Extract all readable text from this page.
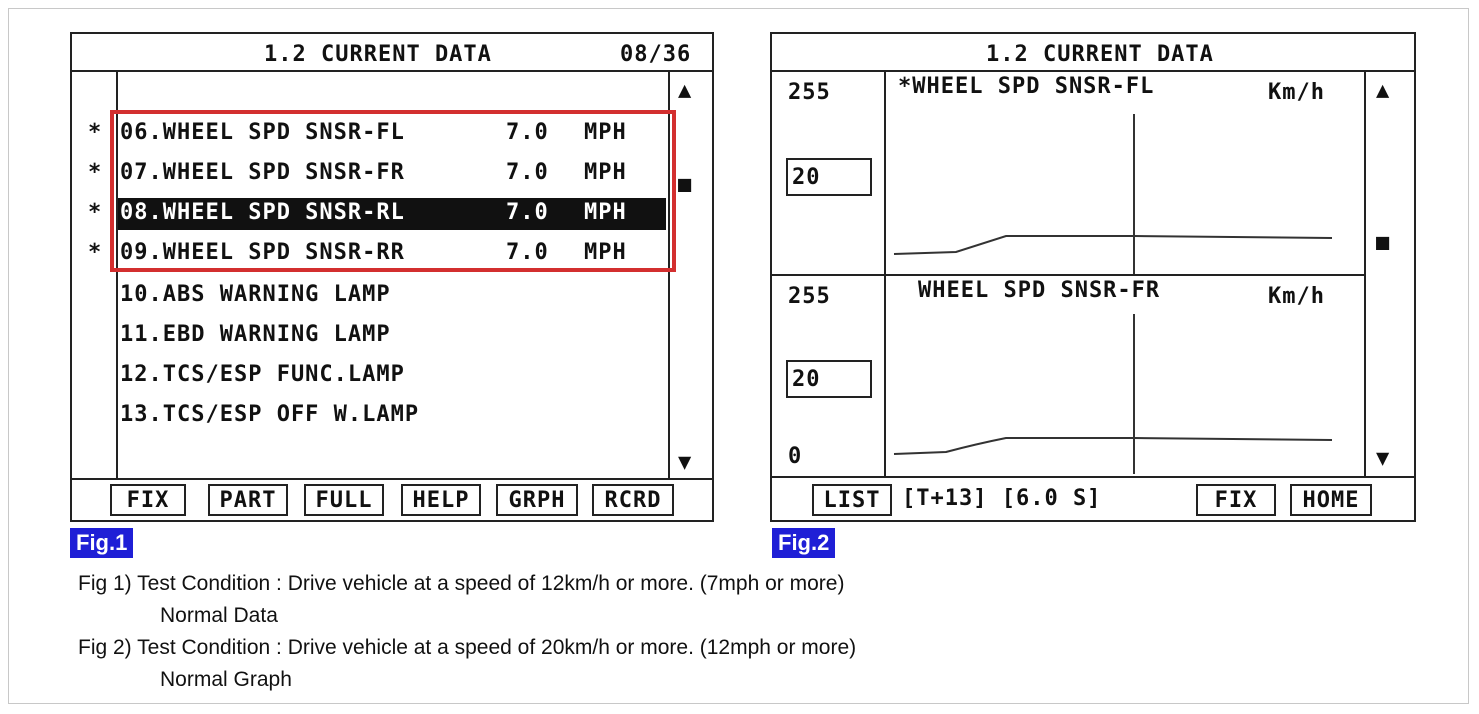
1.2 CURRENT DATA	08/36
▲
■
▼
* 06.WHEEL SPD SNSR-FL	7.0 MPH
* 07.WHEEL SPD SNSR-FR	7.0 MPH
* 08.WHEEL SPD SNSR-RL	7.0 MPH
* 09.WHEEL SPD SNSR-RR	7.0 MPH
10.ABS WARNING LAMP
11.EBD WARNING LAMP
12.TCS/ESP FUNC.LAMP
13.TCS/ESP OFF W.LAMP
FIX	PART	FULL	HELP	GRPH	RCRD
Fig.1
1.2 CURRENT DATA
255
20
*WHEEL SPD SNSR-FL	Km/h
255
20
0
WHEEL SPD SNSR-FR	Km/h
▲
■
▼
LIST [T+13] [6.0 S]	FIX	HOME
Fig.2
Fig 1) Test Condition : Drive vehicle at a speed of 12km/h or more. (7mph or more)
Normal Data
Fig 2) Test Condition : Drive vehicle at a speed of 20km/h or more. (12mph or more)
Normal Graph
